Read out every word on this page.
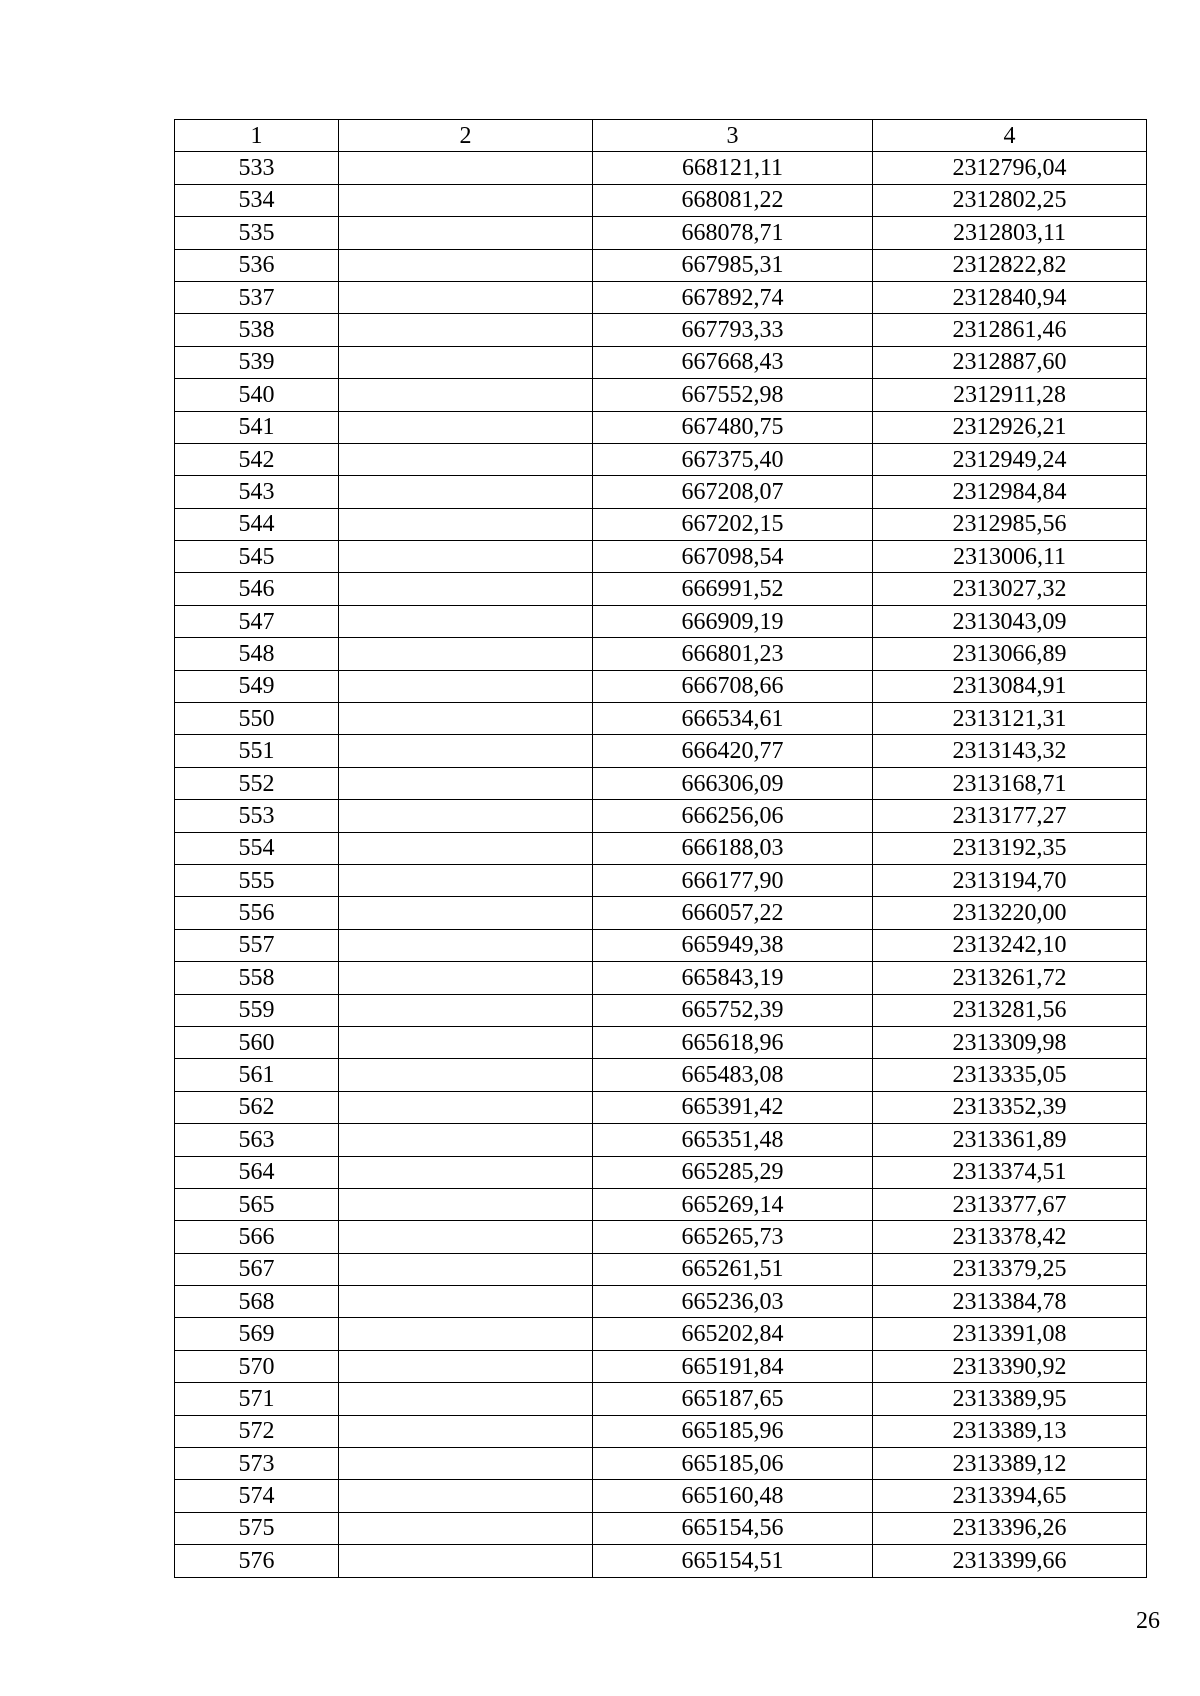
1	2	3	4
533		668121,11	2312796,04
534		668081,22	2312802,25
535		668078,71	2312803,11
536		667985,31	2312822,82
537		667892,74	2312840,94
538		667793,33	2312861,46
539		667668,43	2312887,60
540		667552,98	2312911,28
541		667480,75	2312926,21
542		667375,40	2312949,24
543		667208,07	2312984,84
544		667202,15	2312985,56
545		667098,54	2313006,11
546		666991,52	2313027,32
547		666909,19	2313043,09
548		666801,23	2313066,89
549		666708,66	2313084,91
550		666534,61	2313121,31
551		666420,77	2313143,32
552		666306,09	2313168,71
553		666256,06	2313177,27
554		666188,03	2313192,35
555		666177,90	2313194,70
556		666057,22	2313220,00
557		665949,38	2313242,10
558		665843,19	2313261,72
559		665752,39	2313281,56
560		665618,96	2313309,98
561		665483,08	2313335,05
562		665391,42	2313352,39
563		665351,48	2313361,89
564		665285,29	2313374,51
565		665269,14	2313377,67
566		665265,73	2313378,42
567		665261,51	2313379,25
568		665236,03	2313384,78
569		665202,84	2313391,08
570		665191,84	2313390,92
571		665187,65	2313389,95
572		665185,96	2313389,13
573		665185,06	2313389,12
574		665160,48	2313394,65
575		665154,56	2313396,26
576		665154,51	2313399,66
26
